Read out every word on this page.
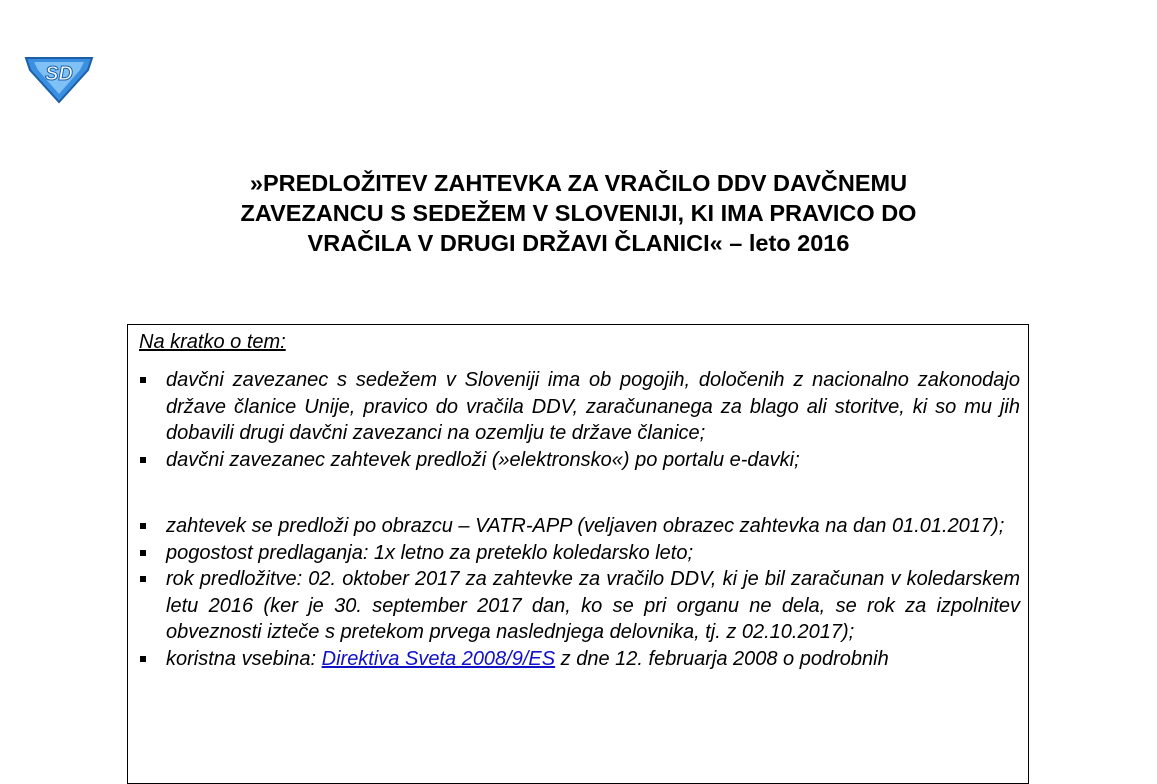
SD
»PREDLOŽITEV ZAHTEVKA ZA VRAČILO DDV DAVČNEMU
ZAVEZANCU S SEDEŽEM V SLOVENIJI, KI IMA PRAVICO DO
VRAČILA V DRUGI DRŽAVI ČLANICI« – leto 2016
Na kratko o tem:
davčni zavezanec s sedežem v Sloveniji ima ob pogojih, določenih z nacionalno zakonodajo države članice Unije, pravico do vračila DDV, zaračunanega za blago ali storitve, ki so mu jih dobavili drugi davčni zavezanci na ozemlju te države članice;
davčni zavezanec zahtevek predloži (»elektronsko«) po portalu e-davki;
zahtevek se predloži po obrazcu – VATR-APP (veljaven obrazec zahtevka na dan 01.01.2017);
pogostost predlaganja: 1x letno za preteklo koledarsko leto;
rok predložitve: 02. oktober 2017 za zahtevke za vračilo DDV, ki je bil zaračunan v koledarskem letu 2016 (ker je 30. september 2017 dan, ko se pri organu ne dela, se rok za izpolnitev obveznosti izteče s pretekom prvega naslednjega delovnika, tj. z 02.10.2017);
koristna vsebina: Direktiva Sveta 2008/9/ES z dne 12. februarja 2008 o podrobnih
